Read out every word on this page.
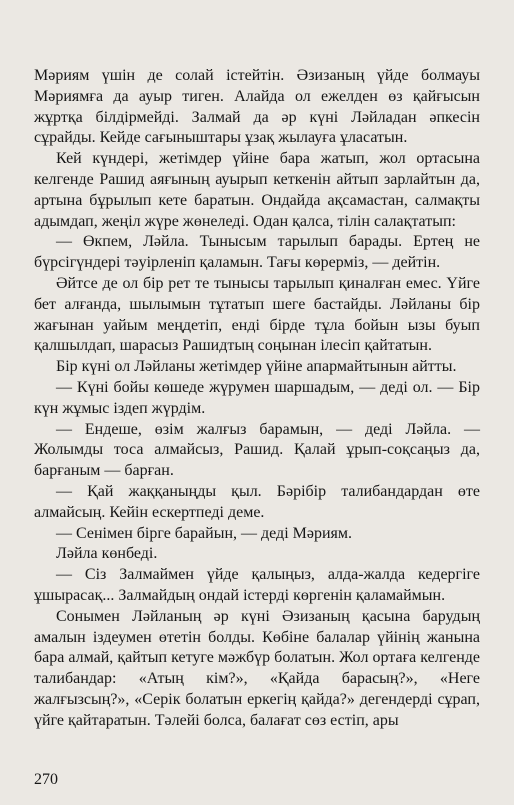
Мәриям үшін де солай істейтін. Әзизаның үйде болмауы Мәриямға да ауыр тиген. Алайда ол ежелден өз қайғысын жұртқа білдірмейді. Залмай да әр күні Ләйладан әпкесін сұрайды. Кейде сағыныштары ұзақ жылауға ұласатын.

Кей күндері, жетімдер үйіне бара жатып, жол ортасына келгенде Рашид аяғының ауырып кеткенін айтып зарлайтын да, артына бұрылып кете баратын. Ондайда ақсамастан, салмақты адымдап, жеңіл жүре жөнеледі. Одан қалса, тілін салақтатып:

— Өкпем, Ләйла. Тынысым тарылып барады. Ертең не бүрсігүндері тәуірленіп қаламын. Тағы көрерміз, — дейтін.

Әйтсе де ол бір рет те тынысы тарылып қиналған емес. Үйге бет алғанда, шылымын тұтатып шеге бастайды. Ләйланы бір жағынан уайым меңдетіп, енді бірде тұла бойын ызы буып қалшылдап, шарасыз Рашидтың соңынан ілесіп қайтатын.

Бір күні ол Ләйланы жетімдер үйіне апармайтынын айтты.

— Күні бойы көшеде жүрумен шаршадым, — деді ол. — Бір күн жұмыс іздеп жүрдім.

— Ендеше, өзім жалғыз барамын, — деді Ләйла. — Жолымды тоса алмайсыз, Рашид. Қалай ұрып-соқсаңыз да, барғаным — барған.

— Қай жаққаныңды қыл. Бәрібір талибандардан өте алмайсың. Кейін ескертпеді деме.

— Сенімен бірге барайын, — деді Мәриям.

Ләйла көнбеді.

— Сіз Залмаймен үйде қалыңыз, алда-жалда кедергіге ұшырасақ... Залмайдың ондай істерді көргенін қаламаймын.

Сонымен Ләйланың әр күні Әзизаның қасына барудың амалын іздеумен өтетін болды. Көбіне балалар үйінің жанына бара алмай, қайтып кетуге мәжбүр болатын. Жол ортаға келгенде талибандар: «Атың кім?», «Қайда барасың?», «Неге жалғызсың?», «Серік болатын еркегің қайда?» дегендерді сұрап, үйге қайтаратын. Тәлейі болса, балағат сөз естіп, ары

270
